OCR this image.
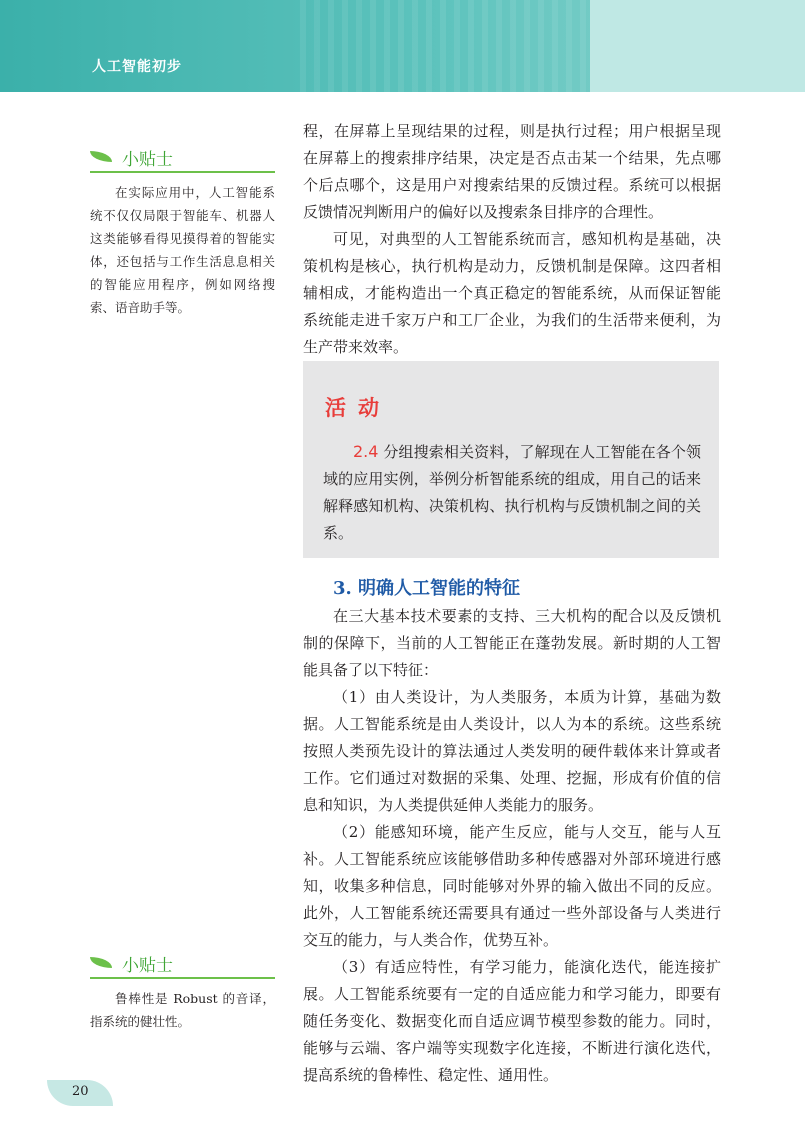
人工智能初步
小贴士
在实际应用中，人工智能系统不仅仅局限于智能车、机器人这类能够看得见摸得着的智能实体，还包括与工作生活息息相关的智能应用程序，例如网络搜索、语音助手等。
小贴士
鲁棒性是 Robust 的音译，指系统的健壮性。

程，在屏幕上呈现结果的过程，则是执行过程；用户根据呈现在屏幕上的搜索排序结果，决定是否点击某一个结果，先点哪个后点哪个，这是用户对搜索结果的反馈过程。系统可以根据反馈情况判断用户的偏好以及搜索条目排序的合理性。

可见，对典型的人工智能系统而言，感知机构是基础，决策机构是核心，执行机构是动力，反馈机制是保障。这四者相辅相成，才能构造出一个真正稳定的智能系统，从而保证智能系统能走进千家万户和工厂企业，为我们的生活带来便利，为生产带来效率。

活动
2.4 分组搜索相关资料，了解现在人工智能在各个领域的应用实例，举例分析智能系统的组成，用自己的话来解释感知机构、决策机构、执行机构与反馈机制之间的关系。
3. 明确人工智能的特征

在三大基本技术要素的支持、三大机构的配合以及反馈机制的保障下，当前的人工智能正在蓬勃发展。新时期的人工智能具备了以下特征：

（1）由人类设计，为人类服务，本质为计算，基础为数据。人工智能系统是由人类设计，以人为本的系统。这些系统按照人类预先设计的算法通过人类发明的硬件载体来计算或者工作。它们通过对数据的采集、处理、挖掘，形成有价值的信息和知识，为人类提供延伸人类能力的服务。

（2）能感知环境，能产生反应，能与人交互，能与人互补。人工智能系统应该能够借助多种传感器对外部环境进行感知，收集多种信息，同时能够对外界的输入做出不同的反应。此外，人工智能系统还需要具有通过一些外部设备与人类进行交互的能力，与人类合作，优势互补。

（3）有适应特性，有学习能力，能演化迭代，能连接扩展。人工智能系统要有一定的自适应能力和学习能力，即要有随任务变化、数据变化而自适应调节模型参数的能力。同时，能够与云端、客户端等实现数字化连接，不断进行演化迭代，提高系统的鲁棒性、稳定性、通用性。

20
